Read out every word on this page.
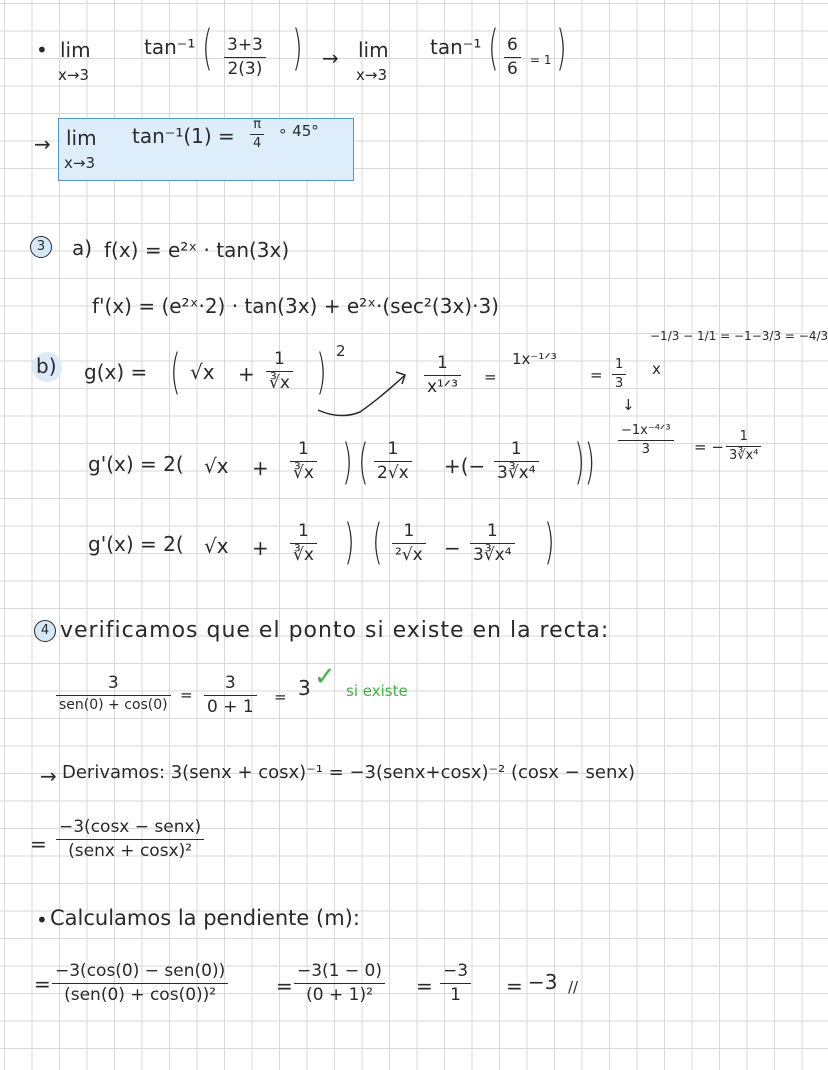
• lim
x→3
tan⁻¹ ( 3+3
2(3) ) → lim
x→3
tan⁻¹ ( 6
6 = 1 )
→ lim
x→3
tan⁻¹(1) = π
4
∘ 45°
3	a) f(x) = e²ˣ · tan(3x)
f'(x) = (e²ˣ·2) · tan(3x) + e²ˣ·(sec²(3x)·3)
b) g(x) = ( √x +
1
∛x ) 2
1
x¹ᐟ³ =
1x⁻¹ᐟ³
=
1
3
x
↓
−1/3 − 1/1 = −1−3/3 = −4/3
−1x⁻⁴ᐟ³
3	= −
1
3∛x⁴
g'(x) = 2( √x +
1
∛x ) ( 1
2√x +(−
1
3∛x⁴ ))
g'(x) = 2( √x +
1
∛x ) ( 1
²√x −
1
3∛x⁴ )
4 verificamos que el ponto si existe en la recta:
3
sen(0) + cos(0)
=
3
0 + 1 = 3 ✓ si existe
→ Derivamos: 3(senx + cosx)⁻¹ = −3(senx+cosx)⁻² (cosx − senx)
=
−3(cosx − senx)
(senx + cosx)²
• Calculamos la pendiente (m):
=
−3(cos(0) − sen(0))
(sen(0) + cos(0))²	=
−3(1 − 0)
(0 + 1)² =
−3
1 = −3 //
